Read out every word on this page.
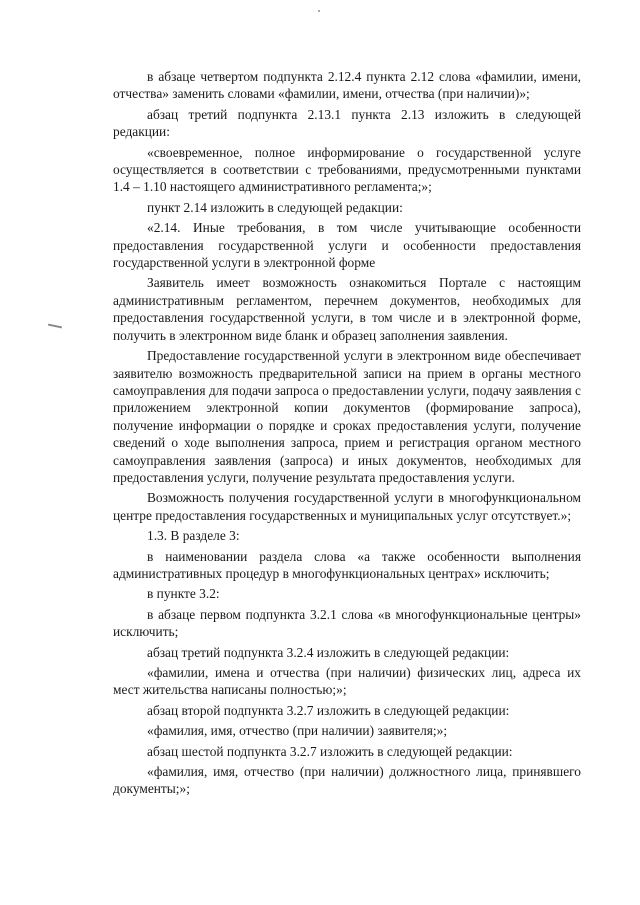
в абзаце четвертом подпункта 2.12.4 пункта 2.12 слова «фамилии, имени, отчества» заменить словами «фамилии, имени, отчества (при наличии)»;

абзац третий подпункта 2.13.1 пункта 2.13 изложить в следующей редакции:

«своевременное, полное информирование о государственной услуге осуществляется в соответствии с требованиями, предусмотренными пунктами 1.4 – 1.10 настоящего административного регламента;»;

пункт 2.14 изложить в следующей редакции:

«2.14. Иные требования, в том числе учитывающие особенности предоставления государственной услуги и особенности предоставления государственной услуги в электронной форме

Заявитель имеет возможность ознакомиться Портале с настоящим административным регламентом, перечнем документов, необходимых для предоставления государственной услуги, в том числе и в электронной форме, получить в электронном виде бланк и образец заполнения заявления.

Предоставление государственной услуги в электронном виде обеспечивает заявителю возможность предварительной записи на прием в органы местного самоуправления для подачи запроса о предоставлении услуги, подачу заявления с приложением электронной копии документов (формирование запроса), получение информации о порядке и сроках предоставления услуги, получение сведений о ходе выполнения запроса, прием и регистрация органом местного самоуправления заявления (запроса) и иных документов, необходимых для предоставления услуги, получение результата предоставления услуги.

Возможность получения государственной услуги в многофункциональном центре предоставления государственных и муниципальных услуг отсутствует.»;

1.3. В разделе 3:

в наименовании раздела слова «а также особенности выполнения административных процедур в многофункциональных центрах» исключить;

в пункте 3.2:

в абзаце первом подпункта 3.2.1 слова «в многофункциональные центры» исключить;

абзац третий подпункта 3.2.4 изложить в следующей редакции:

«фамилии, имена и отчества (при наличии) физических лиц, адреса их мест жительства написаны полностью;»;

абзац второй подпункта 3.2.7 изложить в следующей редакции:

«фамилия, имя, отчество (при наличии) заявителя;»;

абзац шестой подпункта 3.2.7 изложить в следующей редакции:

«фамилия, имя, отчество (при наличии) должностного лица, принявшего документы;»;
